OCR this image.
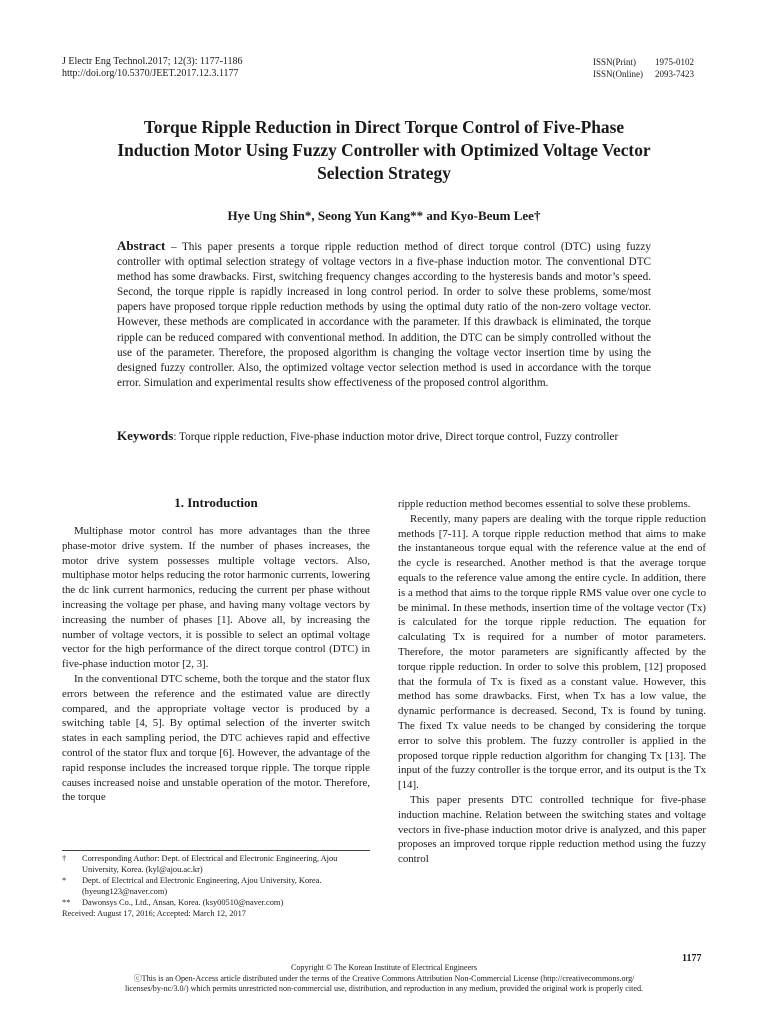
J Electr Eng Technol.2017; 12(3): 1177-1186
http://doi.org/10.5370/JEET.2017.12.3.1177
ISSN(Print)	1975-0102
ISSN(Online)	2093-7423
Torque Ripple Reduction in Direct Torque Control of Five-Phase
Induction Motor Using Fuzzy Controller with Optimized Voltage Vector
Selection Strategy
Hye Ung Shin*, Seong Yun Kang** and Kyo-Beum Lee†
Abstract – This paper presents a torque ripple reduction method of direct torque control (DTC) using fuzzy controller with optimal selection strategy of voltage vectors in a five-phase induction motor. The conventional DTC method has some drawbacks. First, switching frequency changes according to the hysteresis bands and motor’s speed. Second, the torque ripple is rapidly increased in long control period. In order to solve these problems, some/most papers have proposed torque ripple reduction methods by using the optimal duty ratio of the non-zero voltage vector. However, these methods are complicated in accordance with the parameter. If this drawback is eliminated, the torque ripple can be reduced compared with conventional method. In addition, the DTC can be simply controlled without the use of the parameter. Therefore, the proposed algorithm is changing the voltage vector insertion time by using the designed fuzzy controller. Also, the optimized voltage vector selection method is used in accordance with the torque error. Simulation and experimental results show effectiveness of the proposed control algorithm.
Keywords: Torque ripple reduction, Five-phase induction motor drive, Direct torque control, Fuzzy controller
1. Introduction

Multiphase motor control has more advantages than the three phase-motor drive system. If the number of phases increases, the motor drive system possesses multiple voltage vectors. Also, multiphase motor helps reducing the rotor harmonic currents, lowering the dc link current harmonics, reducing the current per phase without increasing the voltage per phase, and having many voltage vectors by increasing the number of phases [1]. Above all, by increasing the number of voltage vectors, it is possible to select an optimal voltage vector for the high performance of the direct torque control (DTC) in five-phase induction motor [2, 3].

In the conventional DTC scheme, both the torque and the stator flux errors between the reference and the estimated value are directly compared, and the appropriate voltage vector is produced by a switching table [4, 5]. By optimal selection of the inverter switch states in each sampling period, the DTC achieves rapid and effective control of the stator flux and torque [6]. However, the advantage of the rapid response includes the increased torque ripple. The torque ripple causes increased noise and unstable operation of the motor. Therefore, the torque

ripple reduction method becomes essential to solve these problems.

Recently, many papers are dealing with the torque ripple reduction methods [7-11]. A torque ripple reduction method that aims to make the instantaneous torque equal with the reference value at the end of the cycle is researched. Another method is that the average torque equals to the reference value among the entire cycle. In addition, there is a method that aims to the torque ripple RMS value over one cycle to be minimal. In these methods, insertion time of the voltage vector (Tx) is calculated for the torque ripple reduction. The equation for calculating Tx is required for a number of motor parameters. Therefore, the motor parameters are significantly affected by the torque ripple reduction. In order to solve this problem, [12] proposed that the formula of Tx is fixed as a constant value. However, this method has some drawbacks. First, when Tx has a low value, the dynamic performance is decreased. Second, Tx is found by tuning. The fixed Tx value needs to be changed by considering the torque error to solve this problem. The fuzzy controller is applied in the proposed torque ripple reduction algorithm for changing Tx [13]. The input of the fuzzy controller is the torque error, and its output is the Tx [14].

This paper presents DTC controlled technique for five-phase induction machine. Relation between the switching states and voltage vectors in five-phase induction motor drive is analyzed, and this paper proposes an improved torque ripple reduction method using the fuzzy control

†	Corresponding Author: Dept. of Electrical and Electronic Engineering, Ajou University, Korea. (kyl@ajou.ac.kr)
*	Dept. of Electrical and Electronic Engineering, Ajou University, Korea. (hyeung123@naver.com)
**	Dawonsys Co., Ltd., Ansan, Korea. (ksy00510@naver.com)
Received: August 17, 2016; Accepted: March 12, 2017
1177
Copyright © The Korean Institute of Electrical Engineers
ⓒThis is an Open-Access article distributed under the terms of the Creative Commons Attribution Non-Commercial License (http://creativecommons.org/
licenses/by-nc/3.0/) which permits unrestricted non-commercial use, distribution, and reproduction in any medium, provided the original work is properly cited.
